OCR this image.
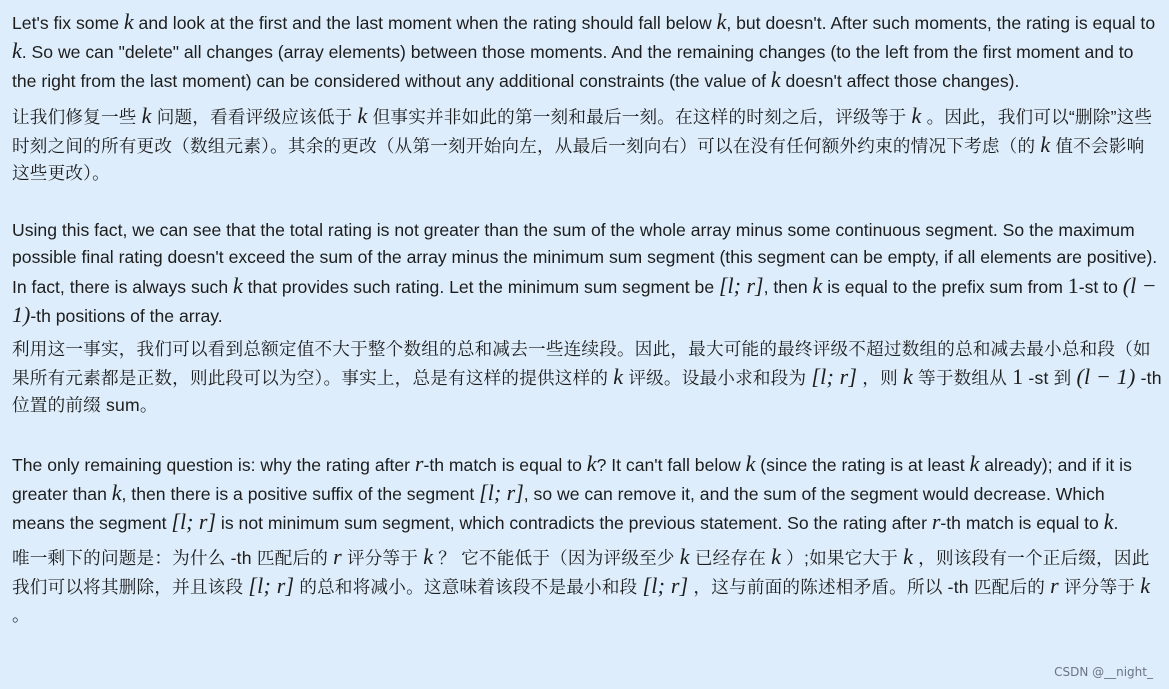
Let's fix some k and look at the first and the last moment when the rating should fall below k, but doesn't. After such moments, the rating is equal to k. So we can "delete" all changes (array elements) between those moments. And the remaining changes (to the left from the first moment and to the right from the last moment) can be considered without any additional constraints (the value of k doesn't affect those changes).

让我们修复一些 k 问题，看看评级应该低于 k 但事实并非如此的第一刻和最后一刻。在这样的时刻之后，评级等于 k 。因此，我们可以“删除”这些时刻之间的所有更改（数组元素）。其余的更改（从第一刻开始向左，从最后一刻向右）可以在没有任何额外约束的情况下考虑（的 k 值不会影响这些更改）。

Using this fact, we can see that the total rating is not greater than the sum of the whole array minus some continuous segment. So the maximum possible final rating doesn't exceed the sum of the array minus the minimum sum segment (this segment can be empty, if all elements are positive). In fact, there is always such k that provides such rating. Let the minimum sum segment be [l; r], then k is equal to the prefix sum from 1-st to (l − 1)-th positions of the array.

利用这一事实，我们可以看到总额定值不大于整个数组的总和减去一些连续段。因此，最大可能的最终评级不超过数组的总和减去最小总和段（如果所有元素都是正数，则此段可以为空）。事实上，总是有这样的提供这样的 k 评级。设最小求和段为 [l; r] ，则 k 等于数组从 1 -st 到 (l − 1) -th 位置的前缀 sum。

The only remaining question is: why the rating after r-th match is equal to k? It can't fall below k (since the rating is at least k already); and if it is greater than k, then there is a positive suffix of the segment [l; r], so we can remove it, and the sum of the segment would decrease. Which means the segment [l; r] is not minimum sum segment, which contradicts the previous statement. So the rating after r-th match is equal to k.

唯一剩下的问题是：为什么 -th 匹配后的 r 评分等于 k ？ 它不能低于（因为评级至少 k 已经存在 k ）;如果它大于 k ，则该段有一个正后缀，因此我们可以将其删除，并且该段 [l; r] 的总和将减小。这意味着该段不是最小和段 [l; r] ，这与前面的陈述相矛盾。所以 -th 匹配后的 r 评分等于 k 。

CSDN @__night_
